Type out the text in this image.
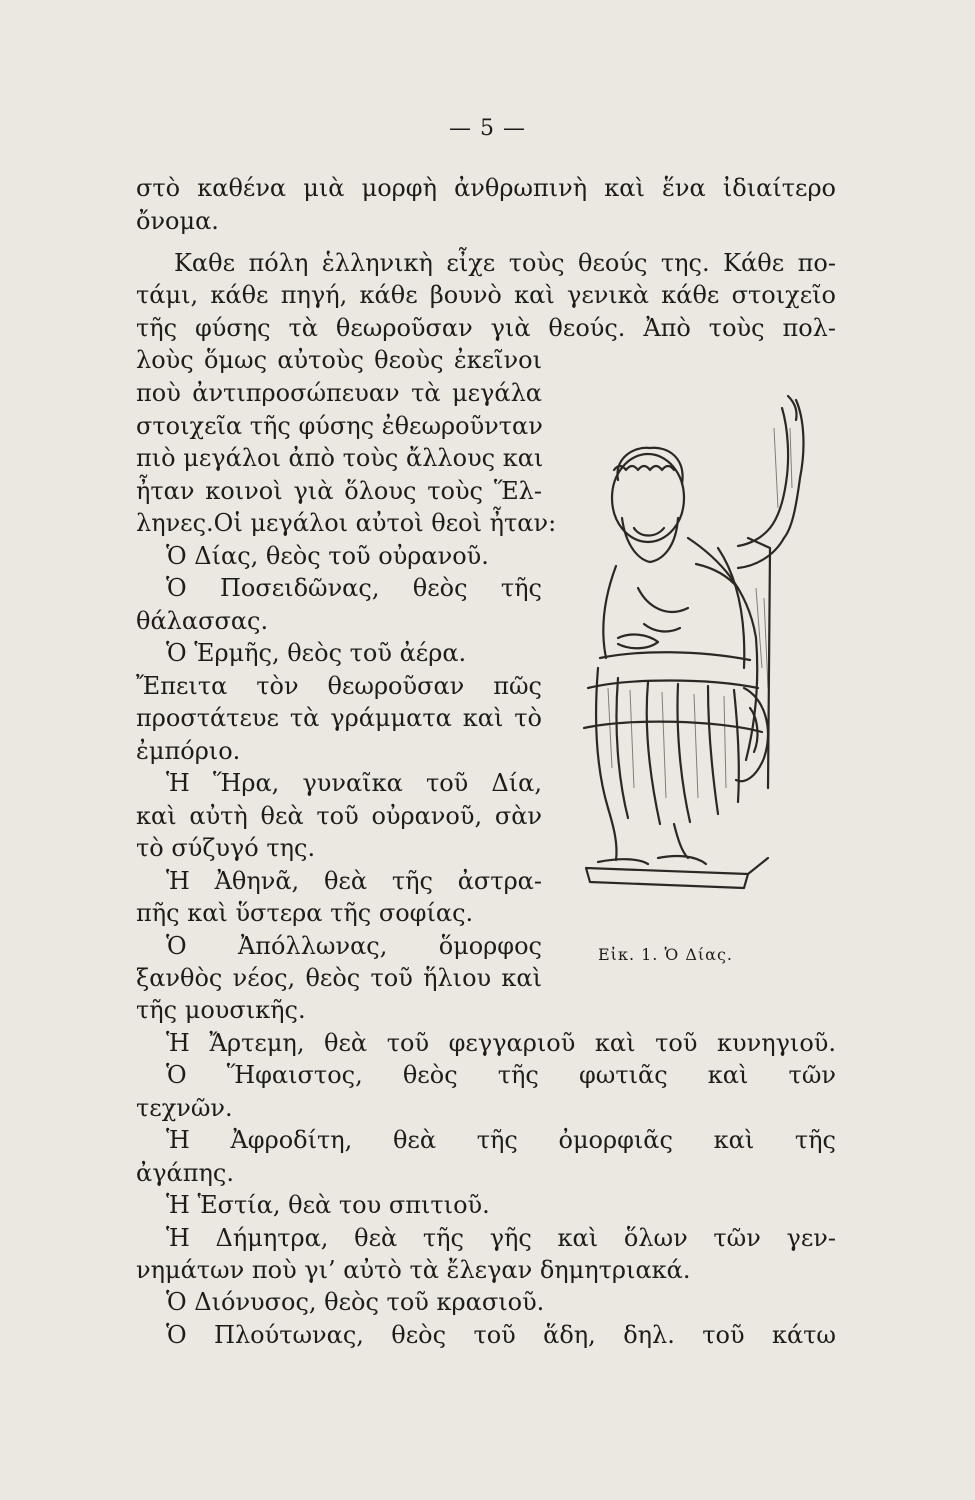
— 5 —
στὸ καθένα μιὰ μορφὴ ἀνθρωπινὴ καὶ ἕνα ἰδιαίτερο
ὄνομα.
Καθε πόλη ἑλληνικὴ εἶχε τοὺς θεούς της. Κάθε πο-
τάμι, κάθε πηγή, κάθε βουνὸ καὶ γενικὰ κάθε στοιχεῖο
τῆς φύσης τὰ θεωροῦσαν γιὰ θεούς. Ἀπὸ τοὺς πολ-
λοὺς ὅμως αὐτοὺς θεοὺς ἐκεῖνοι
ποὺ ἀντιπροσώπευαν τὰ μεγάλα
στοιχεῖα τῆς φύσης ἐθεωροῦνταν
πιὸ μεγάλοι ἀπὸ τοὺς ἄλλους και
ἦταν κοινοὶ γιὰ ὅλους τοὺς Ἕλ-
ληνες.Οἱ μεγάλοι αὐτοὶ θεοὶ ἦταν:
Ὁ Δίας, θεὸς τοῦ οὐρανοῦ.
Ὁ Ποσειδῶνας, θεὸς τῆς
θάλασσας.
Ὁ Ἑρμῆς, θεὸς τοῦ ἀέρα.
Ἔπειτα τὸν θεωροῦσαν πῶς
προστάτευε τὰ γράμματα καὶ τὸ
ἐμπόριο.
Ἡ Ἥρα, γυναῖκα τοῦ Δία,
καὶ αὐτὴ θεὰ τοῦ οὐρανοῦ, σὰν
τὸ σύζυγό της.
Ἡ Ἀθηνᾶ, θεὰ τῆς ἀστρα-
πῆς καὶ ὕστερα τῆς σοφίας.
Ὁ Ἀπόλλωνας, ὅμορφος
ξανθὸς νέος, θεὸς τοῦ ἥλιου καὶ
τῆς μουσικῆς.
Ἡ Ἄρτεμη, θεὰ τοῦ φεγγαριοῦ καὶ τοῦ κυνηγιοῦ.
Ὁ Ἥφαιστος, θεὸς τῆς φωτιᾶς καὶ τῶν
τεχνῶν.
Ἡ Ἀφροδίτη, θεὰ τῆς ὀμορφιᾶς καὶ τῆς
ἀγάπης.
Ἡ Ἑστία, θεὰ του σπιτιοῦ.
Ἡ Δήμητρα, θεὰ τῆς γῆς καὶ ὅλων τῶν γεν-
νημάτων ποὺ γι’ αὐτὸ τὰ ἔλεγαν δημητριακά.
Ὁ Διόνυσος, θεὸς τοῦ κρασιοῦ.
Ὁ Πλούτωνας, θεὸς τοῦ ἅδη, δηλ. τοῦ κάτω
Εἰκ. 1. Ὁ Δίας.
